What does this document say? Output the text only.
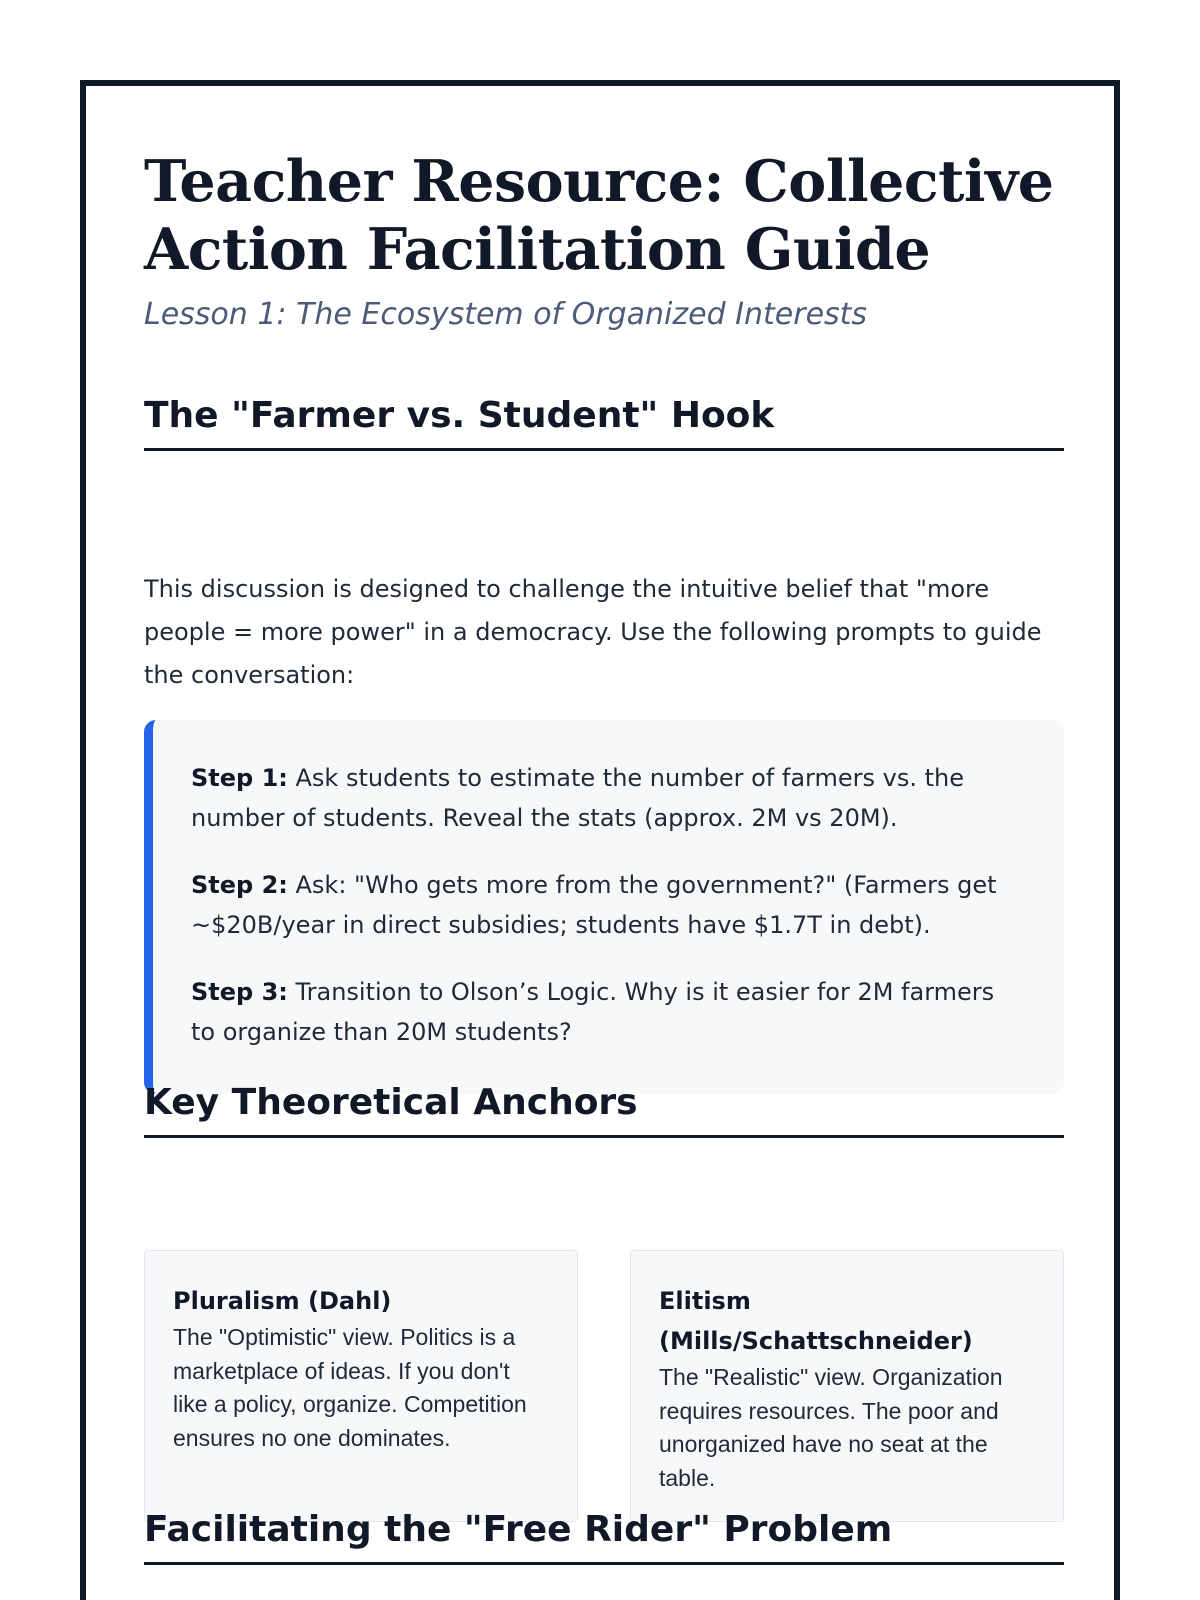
Teacher Resource: Collective Action Facilitation Guide

Lesson 1: The Ecosystem of Organized Interests

The "Farmer vs. Student" Hook

This discussion is designed to challenge the intuitive belief that "more people = more power" in a democracy. Use the following prompts to guide the conversation:

Step 1: Ask students to estimate the number of farmers vs. the number of students. Reveal the stats (approx. 2M vs 20M).

Step 2: Ask: "Who gets more from the government?" (Farmers get ~$20B/year in direct subsidies; students have $1.7T in debt).

Step 3: Transition to Olson’s Logic. Why is it easier for 2M farmers to organize than 20M students?

Key Theoretical Anchors
Pluralism (Dahl)

The "Optimistic" view. Politics is a marketplace of ideas. If you don't like a policy, organize. Competition ensures no one dominates.

Elitism (Mills/Schattschneider)

The "Realistic" view. Organization requires resources. The poor and unorganized have no seat at the table.

Facilitating the "Free Rider" Problem
